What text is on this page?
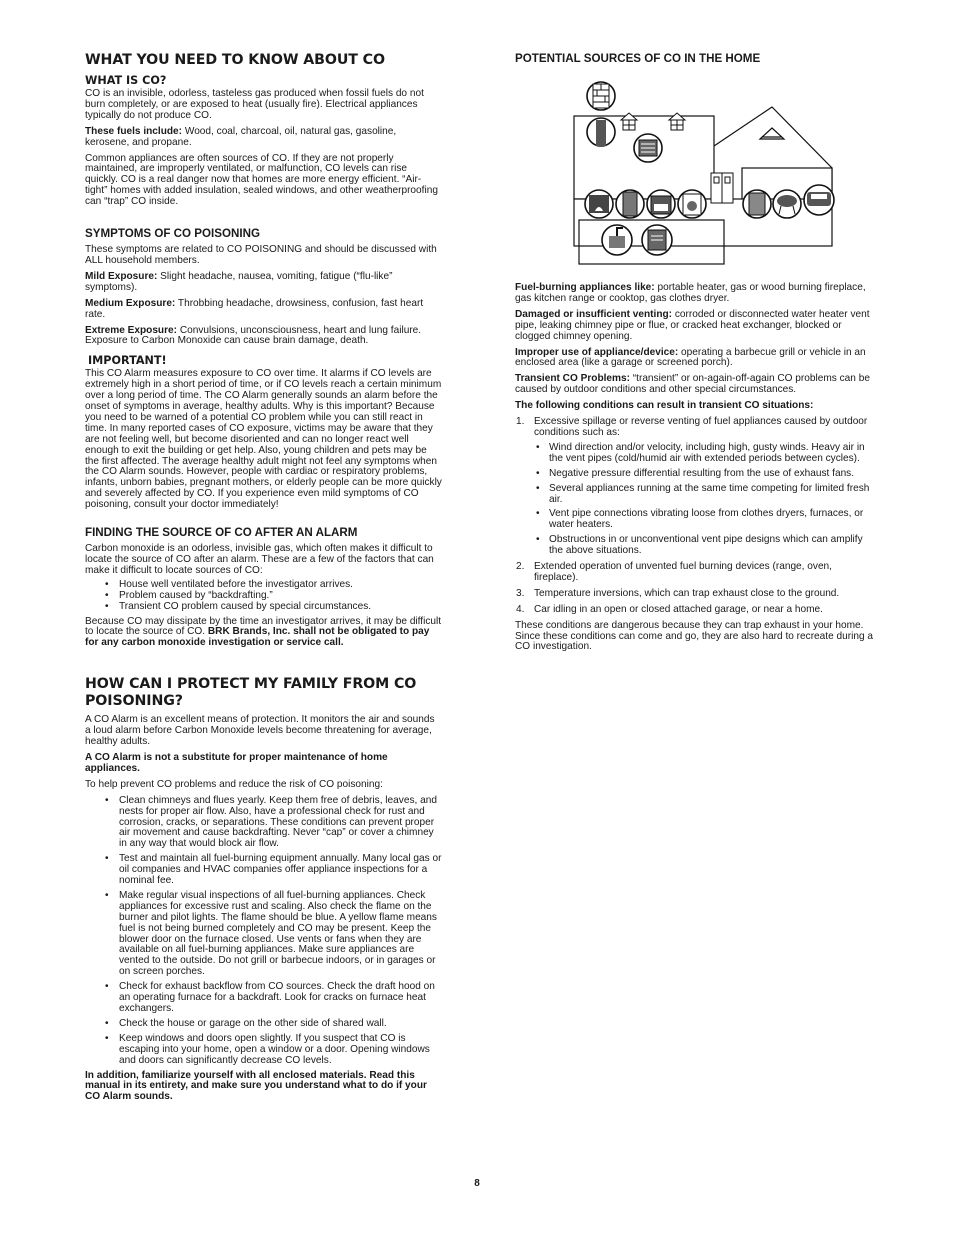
WHAT YOU NEED TO KNOW ABOUT CO
WHAT IS CO?

CO is an invisible, odorless, tasteless gas produced when fossil fuels do not burn completely, or are exposed to heat (usually fire). Electrical appliances typically do not produce CO.

These fuels include: Wood, coal, charcoal, oil, natural gas, gasoline, kerosene, and propane.

Common appliances are often sources of CO. If they are not properly maintained, are improperly ventilated, or malfunction, CO levels can rise quickly. CO is a real danger now that homes are more energy efficient. “Air-tight” homes with added insulation, sealed windows, and other weatherproofing can “trap” CO inside.

SYMPTOMS OF CO POISONING

These symptoms are related to CO POISONING and should be discussed with ALL household members.

Mild Exposure: Slight headache, nausea, vomiting, fatigue (“flu-like” symptoms).

Medium Exposure: Throbbing headache, drowsiness, confusion, fast heart rate.

Extreme Exposure: Convulsions, unconsciousness, heart and lung failure. Exposure to Carbon Monoxide can cause brain damage, death.

IMPORTANT!

This CO Alarm measures exposure to CO over time. It alarms if CO levels are extremely high in a short period of time, or if CO levels reach a certain minimum over a long period of time. The CO Alarm generally sounds an alarm before the onset of symptoms in average, healthy adults. Why is this important? Because you need to be warned of a potential CO problem while you can still react in time. In many reported cases of CO exposure, victims may be aware that they are not feeling well, but become disoriented and can no longer react well enough to exit the building or get help. Also, young children and pets may be the first affected. The average healthy adult might not feel any symptoms when the CO Alarm sounds. However, people with cardiac or respiratory problems, infants, unborn babies, pregnant mothers, or elderly people can be more quickly and severely affected by CO. If you experience even mild symptoms of CO poisoning, consult your doctor immediately!

FINDING THE SOURCE OF CO AFTER AN ALARM

Carbon monoxide is an odorless, invisible gas, which often makes it difficult to locate the source of CO after an alarm. These are a few of the factors that can make it difficult to locate sources of CO:

• House well ventilated before the investigator arrives.
• Problem caused by “backdrafting.”
• Transient CO problem caused by special circumstances.

Because CO may dissipate by the time an investigator arrives, it may be difficult to locate the source of CO. BRK Brands, Inc. shall not be obligated to pay for any carbon monoxide investigation or service call.

HOW CAN I PROTECT MY FAMILY FROM CO POISONING?

A CO Alarm is an excellent means of protection. It monitors the air and sounds a loud alarm before Carbon Monoxide levels become threatening for average, healthy adults.

A CO Alarm is not a substitute for proper maintenance of home appliances.

To help prevent CO problems and reduce the risk of CO poisoning:

• Clean chimneys and flues yearly. Keep them free of debris, leaves, and nests for proper air flow. Also, have a professional check for rust and corrosion, cracks, or separations. These conditions can prevent proper air movement and cause backdrafting. Never “cap” or cover a chimney in any way that would block air flow.
• Test and maintain all fuel-burning equipment annually. Many local gas or oil companies and HVAC companies offer appliance inspections for a nominal fee.
• Make regular visual inspections of all fuel-burning appliances. Check appliances for excessive rust and scaling. Also check the flame on the burner and pilot lights. The flame should be blue. A yellow flame means fuel is not being burned completely and CO may be present. Keep the blower door on the furnace closed. Use vents or fans when they are available on all fuel-burning appliances. Make sure appliances are vented to the outside. Do not grill or barbecue indoors, or in garages or on screen porches.
• Check for exhaust backflow from CO sources. Check the draft hood on an operating furnace for a backdraft. Look for cracks on furnace heat exchangers.
• Check the house or garage on the other side of shared wall.
• Keep windows and doors open slightly. If you suspect that CO is escaping into your home, open a window or a door. Opening windows and doors can significantly decrease CO levels.

In addition, familiarize yourself with all enclosed materials. Read this manual in its entirety, and make sure you understand what to do if your CO Alarm sounds.

POTENTIAL SOURCES OF CO IN THE HOME

Fuel-burning appliances like: portable heater, gas or wood burning fireplace, gas kitchen range or cooktop, gas clothes dryer.

Damaged or insufficient venting: corroded or disconnected water heater vent pipe, leaking chimney pipe or flue, or cracked heat exchanger, blocked or clogged chimney opening.

Improper use of appliance/device: operating a barbecue grill or vehicle in an enclosed area (like a garage or screened porch).

Transient CO Problems: “transient” or on-again-off-again CO problems can be caused by outdoor conditions and other special circumstances.

The following conditions can result in transient CO situations:

1. Excessive spillage or reverse venting of fuel appliances caused by outdoor conditions such as:
• Wind direction and/or velocity, including high, gusty winds. Heavy air in the vent pipes (cold/humid air with extended periods between cycles).
• Negative pressure differential resulting from the use of exhaust fans.
• Several appliances running at the same time competing for limited fresh air.
• Vent pipe connections vibrating loose from clothes dryers, furnaces, or water heaters.
• Obstructions in or unconventional vent pipe designs which can amplify the above situations.
2. Extended operation of unvented fuel burning devices (range, oven, fireplace).
3. Temperature inversions, which can trap exhaust close to the ground.
4. Car idling in an open or closed attached garage, or near a home.

These conditions are dangerous because they can trap exhaust in your home. Since these conditions can come and go, they are also hard to recreate during a CO investigation.

8
